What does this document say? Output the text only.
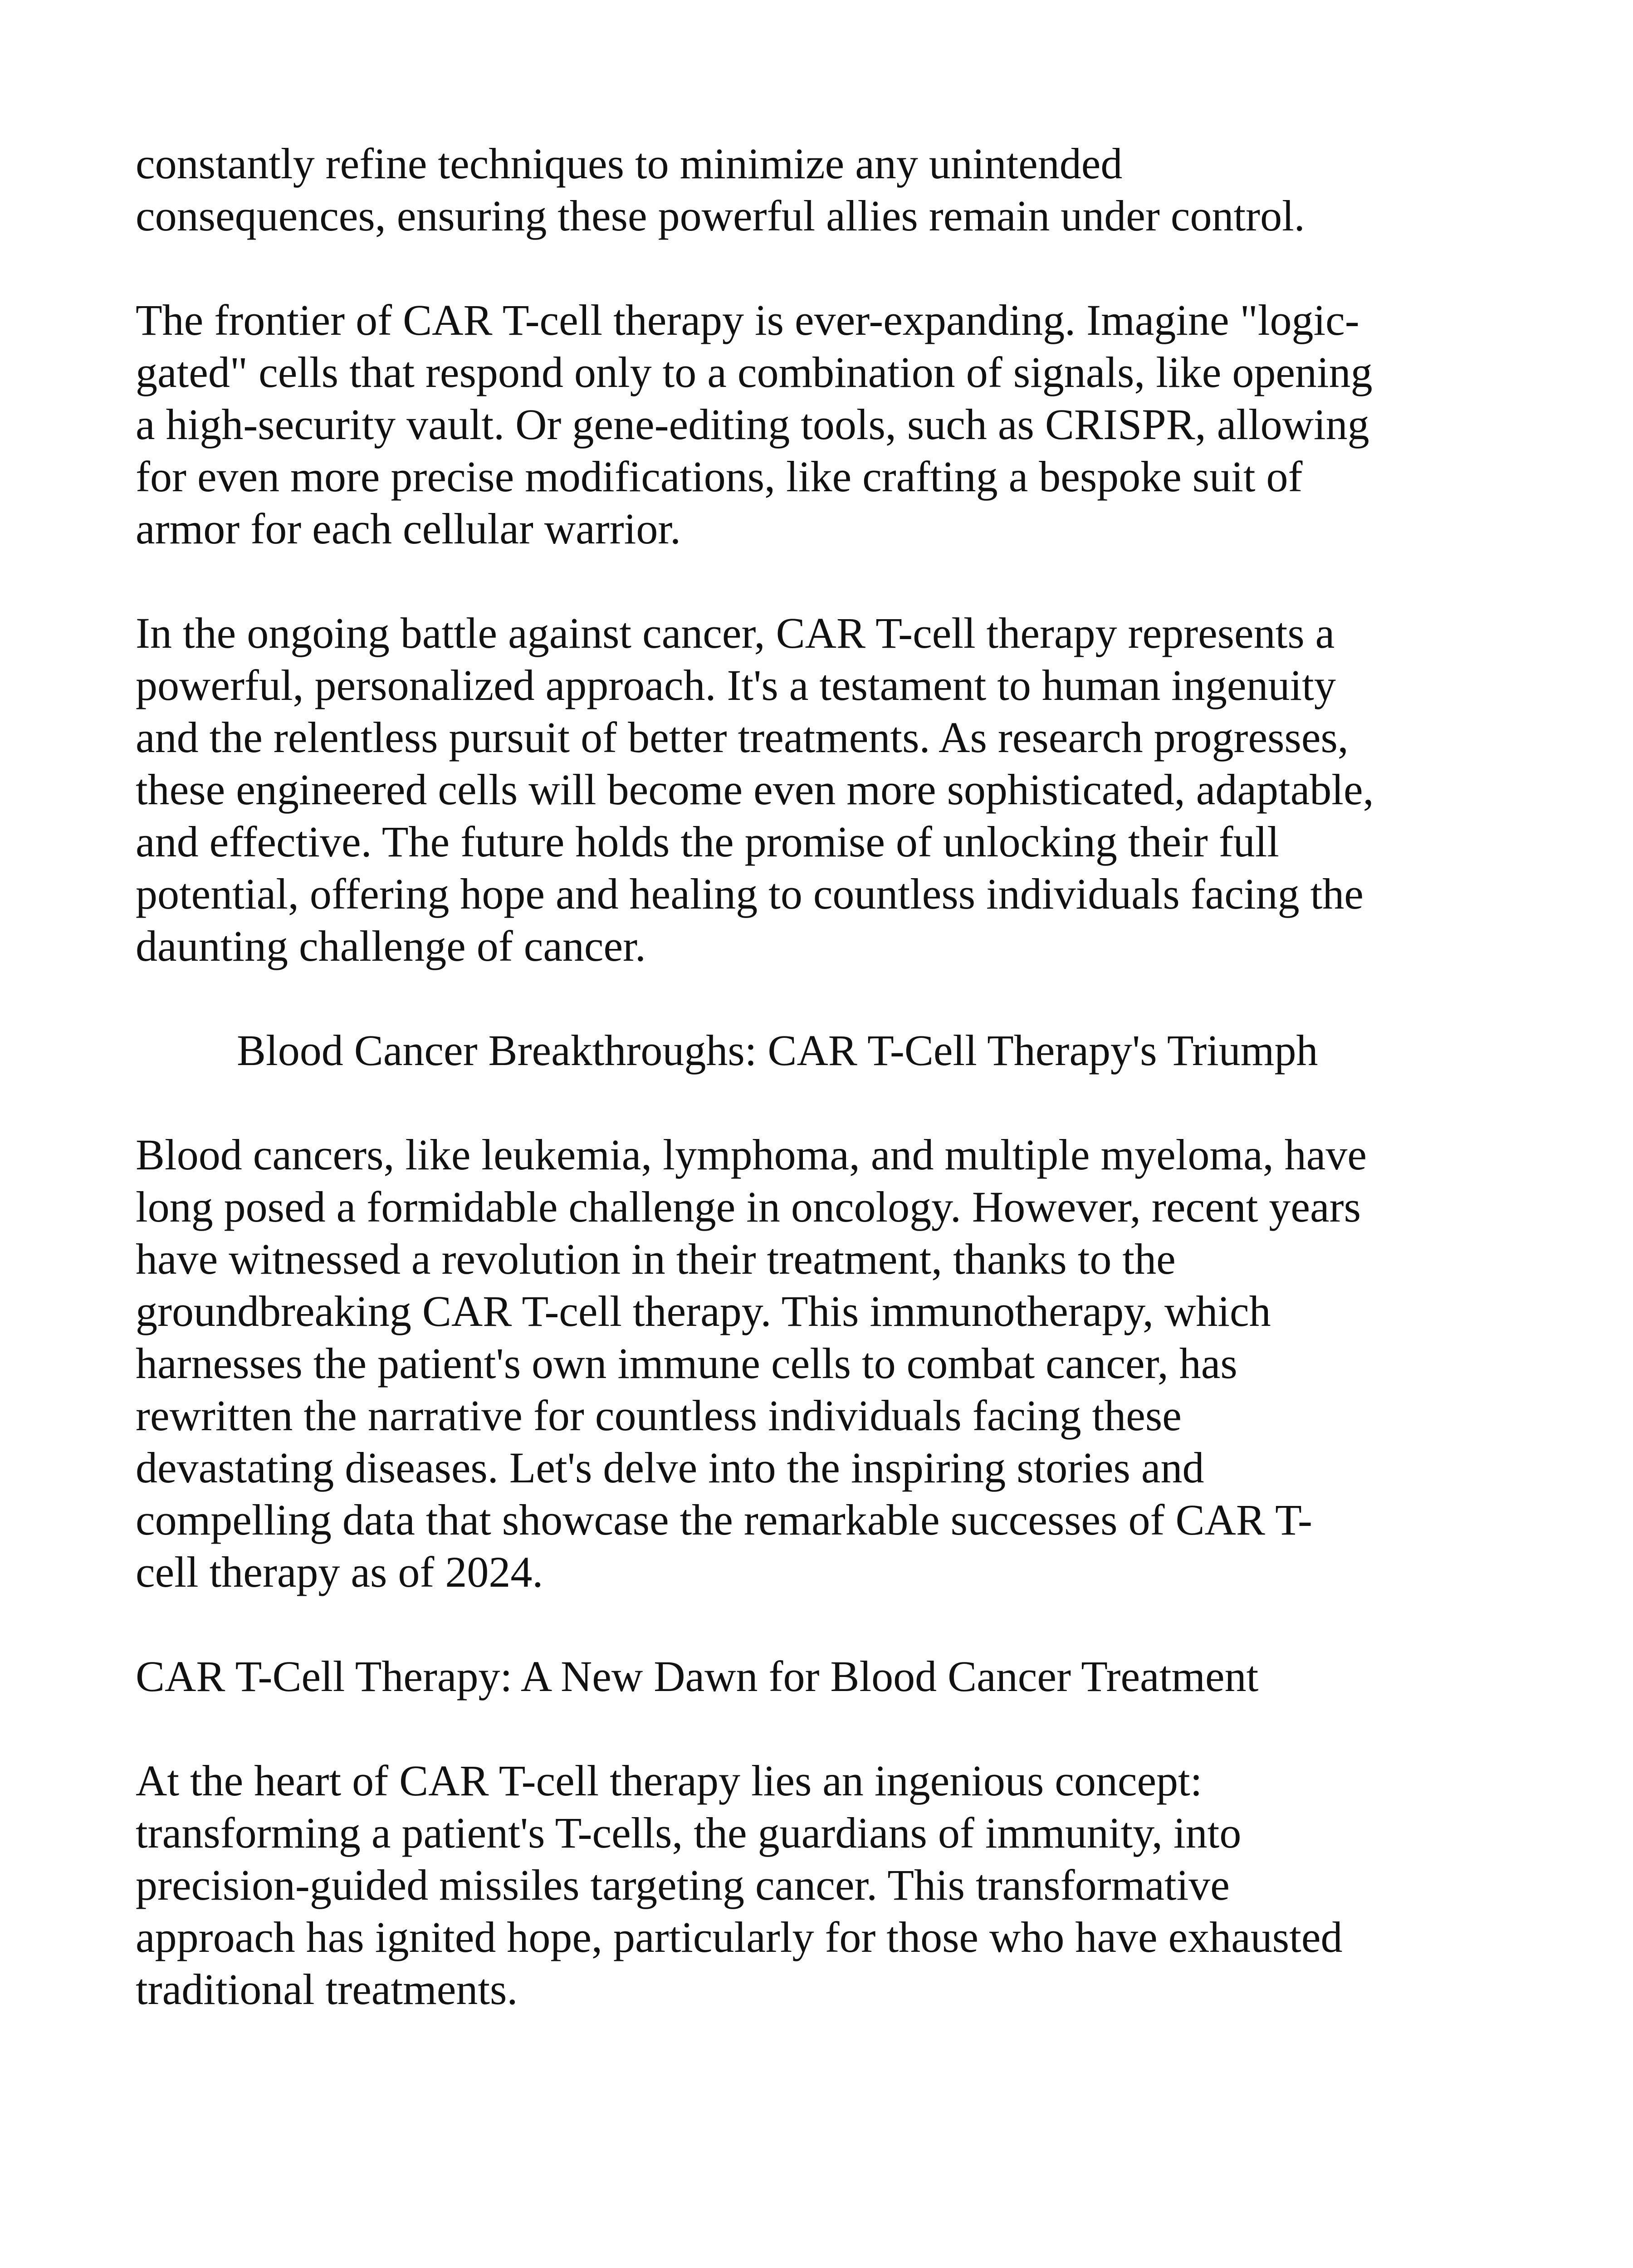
constantly refine techniques to minimize any unintended
consequences, ensuring these powerful allies remain under control.

The frontier of CAR T-cell therapy is ever-expanding. Imagine "logic-
gated" cells that respond only to a combination of signals, like opening
a high-security vault. Or gene-editing tools, such as CRISPR, allowing
for even more precise modifications, like crafting a bespoke suit of
armor for each cellular warrior.

In the ongoing battle against cancer, CAR T-cell therapy represents a
powerful, personalized approach. It's a testament to human ingenuity
and the relentless pursuit of better treatments. As research progresses,
these engineered cells will become even more sophisticated, adaptable,
and effective. The future holds the promise of unlocking their full
potential, offering hope and healing to countless individuals facing the
daunting challenge of cancer.

Blood Cancer Breakthroughs: CAR T-Cell Therapy's Triumph

Blood cancers, like leukemia, lymphoma, and multiple myeloma, have
long posed a formidable challenge in oncology. However, recent years
have witnessed a revolution in their treatment, thanks to the
groundbreaking CAR T-cell therapy. This immunotherapy, which
harnesses the patient's own immune cells to combat cancer, has
rewritten the narrative for countless individuals facing these
devastating diseases. Let's delve into the inspiring stories and
compelling data that showcase the remarkable successes of CAR T-
cell therapy as of 2024.

CAR T-Cell Therapy: A New Dawn for Blood Cancer Treatment

At the heart of CAR T-cell therapy lies an ingenious concept:
transforming a patient's T-cells, the guardians of immunity, into
precision-guided missiles targeting cancer. This transformative
approach has ignited hope, particularly for those who have exhausted
traditional treatments.
